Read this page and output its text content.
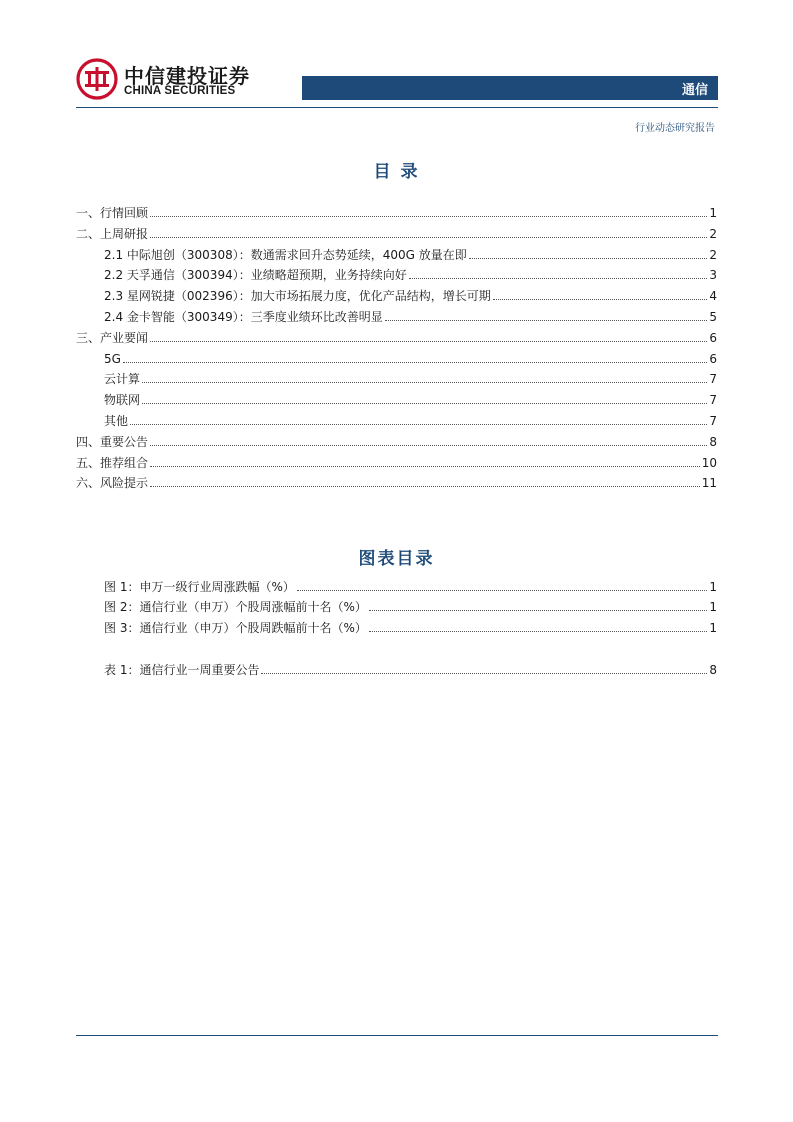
中信建投证券
CHINA SECURITIES	通信
行业动态研究报告
目 录
一、行情回顾	1
二、上周研报	2
2.1 中际旭创（300308）：数通需求回升态势延续，400G 放量在即	2
2.2 天孚通信（300394）：业绩略超预期，业务持续向好	3
2.3 星网锐捷（002396）：加大市场拓展力度，优化产品结构，增长可期	4
2.4 金卡智能（300349）：三季度业绩环比改善明显	5
三、产业要闻	6
5G	6
云计算	7
物联网	7
其他	7
四、重要公告	8
五、推荐组合	10
六、风险提示	11
图表目录
图 1：申万一级行业周涨跌幅（%）	1
图 2：通信行业（申万）个股周涨幅前十名（%）	1
图 3：通信行业（申万）个股周跌幅前十名（%）	1
表 1：通信行业一周重要公告	8
